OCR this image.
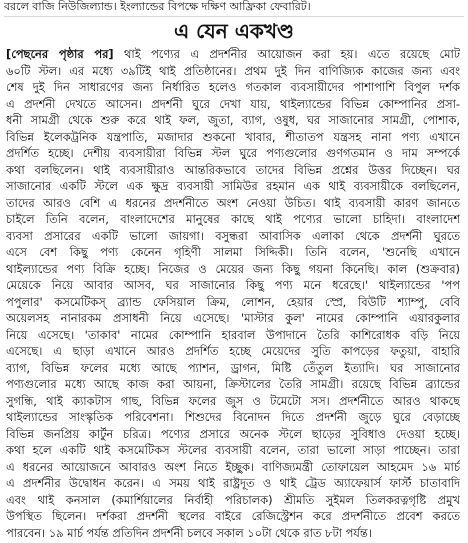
বরলে বাজি নিউজিল্যান্ড। ইংল্যান্ডের বিপক্ষে দক্ষিণ আফ্রিকা ফেবারিট।
এ যেন একখণ্ড
[পেছনের পৃষ্ঠার পর] থাই পণ্যের এ প্রদর্শনীর আয়োজন করা হয়। এতে রয়েছে মোট
৬০টি স্টল। এর মধ্যে ৩৯টিই থাই প্রতিষ্ঠানের। প্রথম দুই দিন বাণিজ্যিক কাজের জন্য এবং
শেষ দুই দিন সাধারণের জন্য নির্ধারিত হলেও গতকাল ব্যবসায়ীদের পাশাপাশি বিপুল দর্শক
এ প্রদর্শনী দেখতে আসেন। প্রদর্শনী ঘুরে দেখা যায়, থাইল্যান্ডের বিভিন্ন কোম্পানির প্রসা-
ধনী সামগ্রী থেকে শুরু করে থাই ফল, জুতা, ব্যাগ, ওষুধ, ঘর সাজানোর সামগ্রী, পোশাক,
বিভিন্ন ইলেকট্রনিক যন্ত্রপাতি, মজাদার শুকনো খাবার, শীতাতপ যন্ত্রসহ নানা পণ্য এখানে
প্রদর্শিত হচ্ছে। দেশীয় ব্যবসায়ীরা বিভিন্ন স্টল ঘুরে পণ্যগুলোর গুণগতমান ও দাম সম্পর্কে
কথা বলছিলেন। থাই ব্যবসায়ীরাও আন্তরিকভাবে তাদের বিভিন্ন প্রশ্নের উত্তর দিচ্ছেন। ঘর
সাজানোর একটি স্টলে এক ক্ষুদ্র ব্যবসায়ী সামিউর রহমান এক থাই ব্যবসায়ীকে বলছিলেন,
তাদের আরও বেশি এ ধরনের প্রদর্শনীতে অংশ নেওয়া উচিত। থাই ব্যবসায়ী কারণ জানতে
চাইলে তিনি বলেন, বাংলাদেশের মানুষের কাছে থাই পণ্যের ভালো চাহিদা। বাংলাদেশ
ব্যবসা প্রসারের একটি ভালো জায়গা। বসুন্ধরা আবাসিক এলাকা থেকে প্রদর্শনী ঘুরতে
এসে বেশ কিছু পণ্য কেনেন গৃহিণী সালমা সিদ্দিকী। তিনি বলেন, 'শুনেছি এখানে
থাইল্যান্ডের পণ্য বিক্রি হচ্ছে। নিজের ও মেয়ের জন্য কিছু গয়না কিনেছি। কাল (শুক্রবার)
মেয়েকে নিয়ে আবার আসব, ঘর সাজানোর কিছু পণ্য মনে ধরেছে।' থাইল্যান্ডের 'পপ
পপুলার' কসমেটিকস্ ব্র্যান্ড ফেসিয়াল ক্রিম, লোশন, হেয়ার স্প্রে, বিউটি শ্যাম্পু, বেবি
অয়েলসহ নানারকম প্রসাধনী নিয়ে এসেছে। 'মাস্টার কুল' নামের কোম্পানি এয়ারকুলার
নিয়ে এসেছে। 'তাকাব' নামের কোম্পানি হারবাল উপাদানে তৈরি কাশিরোধক বড়ি নিয়ে
এসেছে। এ ছাড়া এখানে আরও প্রদর্শিত হচ্ছে মেয়েদের সুতি কাপড়ের ফতুয়া, বাহারি
ব্যাগ, বিভিন্ন ফলের মধ্যে আছে প্যাশন, ড্রাগন, মিষ্টি তেঁতুল ইত্যাদি। ঘর সাজানোর
পণ্যগুলোর মধ্যে আছে কাজ করা আয়না, ক্রিস্টালের তৈরি সামগ্রী। রয়েছে বিভিন্ন ব্র্যান্ডের
সুগন্ধি, থাই ক্যাকটাস গাছ, বিভিন্ন ফলের জুস ও টমেটো সস। প্রদর্শনীতে আরও থাকছে
থাইল্যান্ডের সাংস্কৃতিক পরিবেশনা। শিশুদের বিনোদন দিতে প্রদর্শনী জুড়ে ঘুরে বেড়াচ্ছে
বিভিন্ন জনপ্রিয় কার্টুন চরিত্র। পণ্যের প্রসারে অনেক স্টলে ছাড়ের সুবিধাও দেওয়া হচ্ছে।
কথা হলে একটি থাই কসমেটিকস স্টলের ব্যবসায়ী বলেন, তারা ভালো সাড়া পাচ্ছেন। তারা
এ ধরনের আয়োজনে আবারও অংশ নিতে ইচ্ছুক। বাণিজ্যমন্ত্রী তোফায়েল আহমেদ ১৬ মার্চ
এ প্রদর্শনীর উদ্বোধন করেন। এ সময় থাই রাষ্ট্রদূত ও থাই ট্রেড অ্যাফেয়ার্স ফার্স্ট চাতাবাদি
এবং থাই কনসাল (কমার্শিয়ালের নির্বাহী পরিচালক) শ্রীমতি সুইমল তিলকরত্নগৃষ্টি প্রমুখ
উপস্থিত ছিলেন। দর্শকরা প্রদর্শনী স্থলের বাইরে রেজিস্ট্রেশন করে প্রদর্শনীতে প্রবেশ করতে
পারবেন। ১৯ মার্চ পর্যন্ত প্রতিদিন প্রদর্শনী চলবে সকাল ১০টা থেকে রাত ৮টা পর্যন্ত।
